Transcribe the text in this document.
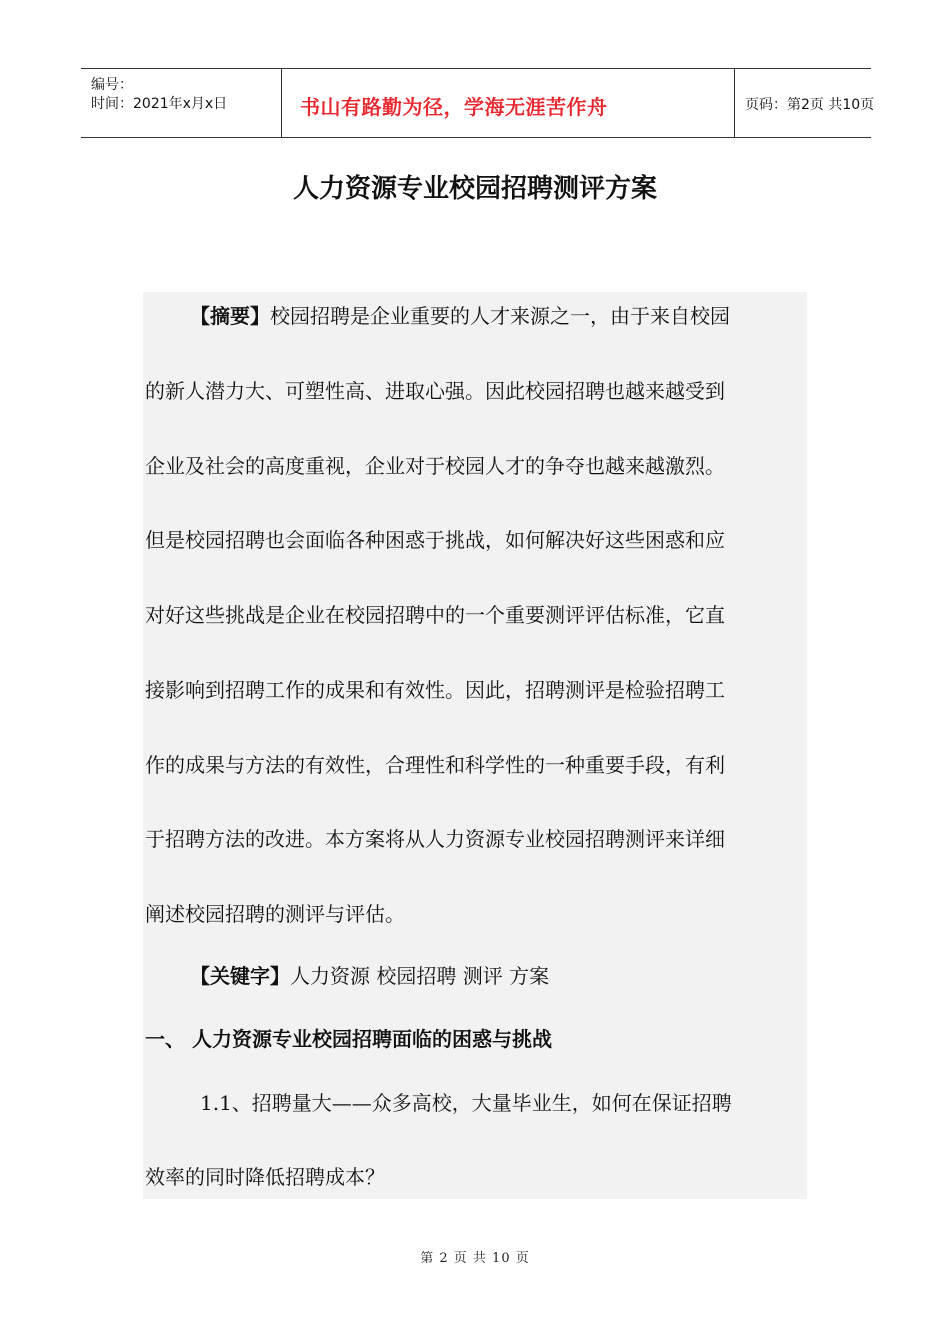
编号：
时间：2021年x月x日	书山有路勤为径，学海无涯苦作舟	页码：第2页 共10页
人力资源专业校园招聘测评方案
【摘要】校园招聘是企业重要的人才来源之一，由于来自校园
的新人潜力大、可塑性高、进取心强。因此校园招聘也越来越受到
企业及社会的高度重视，企业对于校园人才的争夺也越来越激烈。
但是校园招聘也会面临各种困惑于挑战，如何解决好这些困惑和应
对好这些挑战是企业在校园招聘中的一个重要测评评估标准，它直
接影响到招聘工作的成果和有效性。因此，招聘测评是检验招聘工
作的成果与方法的有效性，合理性和科学性的一种重要手段，有利
于招聘方法的改进。本方案将从人力资源专业校园招聘测评来详细
阐述校园招聘的测评与评估。
【关键字】人力资源 校园招聘 测评 方案
一、 人力资源专业校园招聘面临的困惑与挑战
1.1、招聘量大——众多高校，大量毕业生，如何在保证招聘
效率的同时降低招聘成本？
第 2 页 共 10 页
